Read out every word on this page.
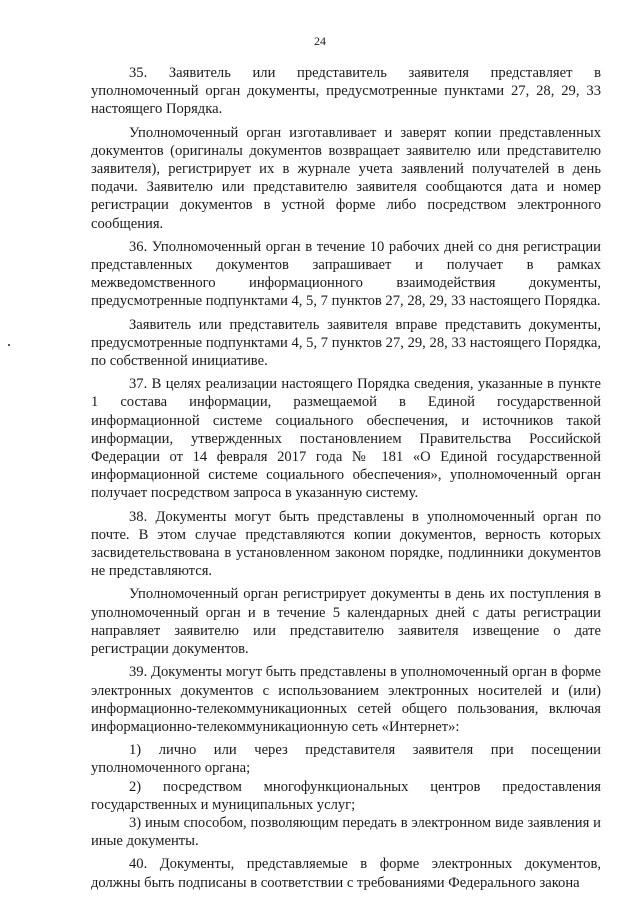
24

35. Заявитель или представитель заявителя представляет в уполномоченный орган документы, предусмотренные пунктами 27, 28, 29, 33 настоящего Порядка.

Уполномоченный орган изготавливает и заверят копии представленных документов (оригиналы документов возвращает заявителю или представителю заявителя), регистрирует их в журнале учета заявлений получателей в день подачи. Заявителю или представителю заявителя сообщаются дата и номер регистрации документов в устной форме либо посредством электронного сообщения.

36. Уполномоченный орган в течение 10 рабочих дней со дня регистрации представленных документов запрашивает и получает в рамках межведомственного информационного взаимодействия документы, предусмотренные подпунктами 4, 5, 7 пунктов 27, 28, 29, 33 настоящего Порядка.

Заявитель или представитель заявителя вправе представить документы, предусмотренные подпунктами 4, 5, 7 пунктов 27, 29, 28, 33 настоящего Порядка, по собственной инициативе.

37. В целях реализации настоящего Порядка сведения, указанные в пункте 1 состава информации, размещаемой в Единой государственной информационной системе социального обеспечения, и источников такой информации, утвержденных постановлением Правительства Российской Федерации от 14 февраля 2017 года № 181 «О Единой государственной информационной системе социального обеспечения», уполномоченный орган получает посредством запроса в указанную систему.

38. Документы могут быть представлены в уполномоченный орган по почте. В этом случае представляются копии документов, верность которых засвидетельствована в установленном законом порядке, подлинники документов не представляются.

Уполномоченный орган регистрирует документы в день их поступления в уполномоченный орган и в течение 5 календарных дней с даты регистрации направляет заявителю или представителю заявителя извещение о дате регистрации документов.

39. Документы могут быть представлены в уполномоченный орган в форме электронных документов с использованием электронных носителей и (или) информационно-телекоммуникационных сетей общего пользования, включая информационно-телекоммуникационную сеть «Интернет»:

1) лично или через представителя заявителя при посещении уполномоченного органа;

2) посредством многофункциональных центров предоставления государственных и муниципальных услуг;

3) иным способом, позволяющим передать в электронном виде заявления и иные документы.

40. Документы, представляемые в форме электронных документов, должны быть подписаны в соответствии с требованиями Федерального закона
